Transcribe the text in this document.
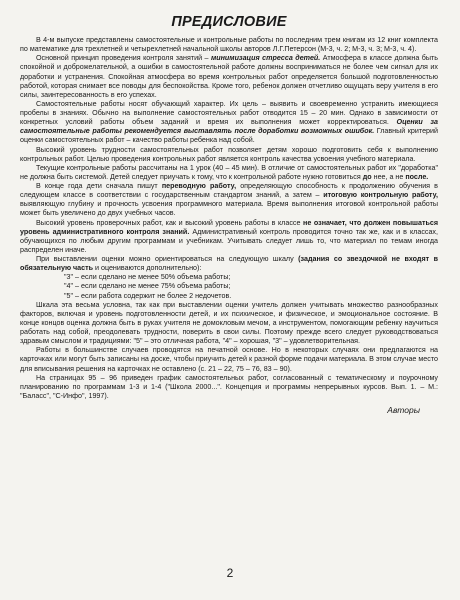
ПРЕДИСЛОВИЕ

В 4-м выпуске представлены самостоятельные и контрольные работы по последним трем книгам из 12 книг комплекта по математике для трехлетней и четырехлетней начальной школы авторов Л.Г.Петерсон (М-3, ч. 2; М-3, ч. 3; М-3, ч. 4).

Основной принцип проведения контроля занятий – минимизация стресса детей. Атмосфера в классе должна быть спокойной и доброжелательной, а ошибки в самостоятельной работе должны восприниматься не более чем сигнал для их доработки и устранения. Спокойная атмосфера во время контрольных работ определяется большой подготовленностью работой, которая снимает все поводы для беспокойства. Кроме того, ребенок должен отчетливо ощущать веру учителя в его силы, заинтересованность в его успехах.

Самостоятельные работы носят обучающий характер. Их цель – выявить и своевременно устранить имеющиеся пробелы в знаниях. Обычно на выполнение самостоятельных работ отводится 15 – 20 мин. Однако в зависимости от конкретных условий работы объем заданий и время их выполнения может корректироваться. Оценки за самостоятельные работы рекомендуется выставлять после доработки возможных ошибок. Главный критерий оценки самостоятельных работ – качество работы ребенка над собой.

Высокий уровень трудности самостоятельных работ позволяет детям хорошо подготовить себя к выполнению контрольных работ. Целью проведения контрольных работ является контроль качества усвоения учебного материала.

Текущие контрольные работы рассчитаны на 1 урок (40 – 45 мин). В отличие от самостоятельных работ их "доработка" не должна быть системой. Детей следует приучать к тому, что к контрольной работе нужно готовиться до нее, а не после.

В конце года дети сначала пишут переводную работу, определяющую способность к продолжению обучения в следующем классе в соответствии с государственным стандартом знаний, а затем – итоговую контрольную работу, выявляющую глубину и прочность усвоения программного материала. Время выполнения итоговой контрольной работы может быть увеличено до двух учебных часов.

Высокий уровень проверочных работ, как и высокий уровень работы в классе не означает, что должен повышаться уровень административного контроля знаний. Административный контроль проводится точно так же, как и в классах, обучающихся по любым другим программам и учебникам. Учитывать следует лишь то, что материал по темам иногда распределен иначе.

При выставлении оценки можно ориентироваться на следующую шкалу (задания со звездочкой не входят в обязательную часть и оцениваются дополнительно):

"3" – если сделано не менее 50% объема работы;

"4" – если сделано не менее 75% объема работы;

"5" – если работа содержит не более 2 недочетов.

Шкала эта весьма условна, так как при выставлении оценки учитель должен учитывать множество разнообразных факторов, включая и уровень подготовленности детей, и их психическое, и физическое, и эмоциональное состояние. В конце концов оценка должна быть в руках учителя не домокловым мечом, а инструментом, помогающим ребенку научиться работать над собой, преодолевать трудности, поверить в свои силы. Поэтому прежде всего следует руководствоваться здравым смыслом и традициями: "5" – это отличная работа, "4" – хорошая, "3" – удовлетворительная.

Работы в большинстве случаев проводятся на печатной основе. Но в некоторых случаях они предлагаются на карточках или могут быть записаны на доске, чтобы приучить детей к разной форме подачи материала. В этом случае место для вписывания решения на карточках не оставлено (с. 21 – 22, 75 – 76, 83 – 90).

На страницах 95 – 96 приведен график самостоятельных работ, согласованный с тематическому и поурочному планированию по программам 1-3 и 1-4 ("Школа 2000...". Концепция и программы непрерывных курсов. Вып. 1. – М.: "Баласс", "С-Инфо", 1997).

Авторы
2
